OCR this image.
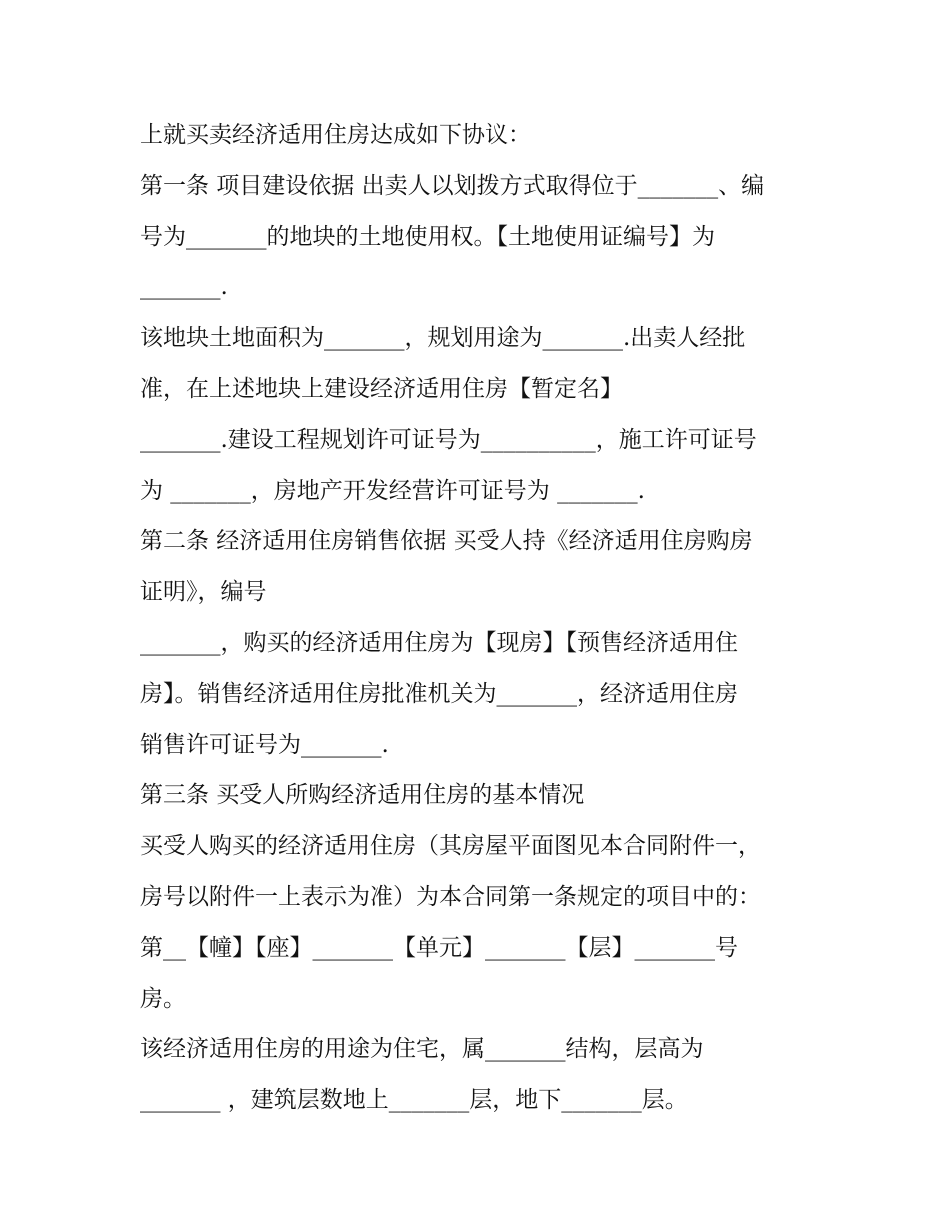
上就买卖经济适用住房达成如下协议：
第一条 项目建设依据 出卖人以划拨方式取得位于_______、编
号为_______的地块的土地使用权。【土地使用证编号】为
_______.
该地块土地面积为_______，规划用途为_______.出卖人经批
准，在上述地块上建设经济适用住房【暂定名】
_______.建设工程规划许可证号为__________，施工许可证号
为 _______，房地产开发经营许可证号为 _______.
第二条 经济适用住房销售依据 买受人持《经济适用住房购房
证明》，编号
_______，购买的经济适用住房为【现房】【预售经济适用住
房】。销售经济适用住房批准机关为_______，经济适用住房
销售许可证号为_______.
第三条 买受人所购经济适用住房的基本情况
买受人购买的经济适用住房（其房屋平面图见本合同附件一，
房号以附件一上表示为准）为本合同第一条规定的项目中的：
第__【幢】【座】_______【单元】_______【层】_______号
房。
该经济适用住房的用途为住宅，属_______结构，层高为
_______ ，建筑层数地上_______层，地下_______层。
